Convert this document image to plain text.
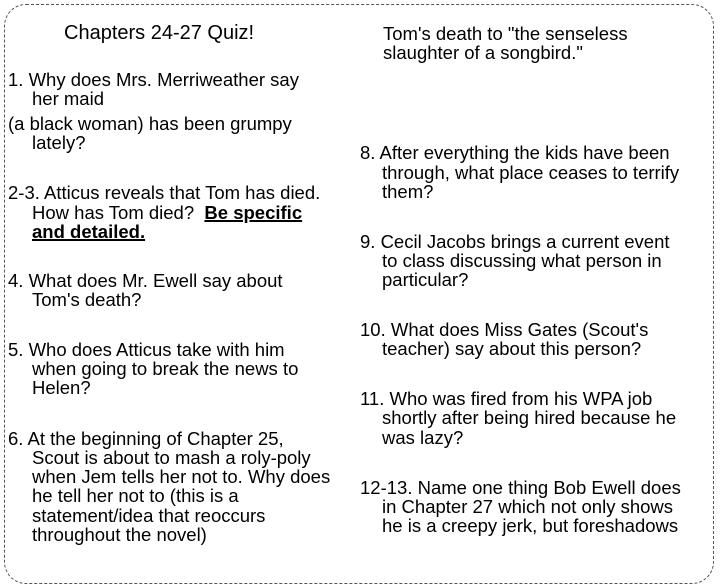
Chapters 24-27 Quiz!
1. Why does Mrs. Merriweather say
her maid
(a black woman) has been grumpy
lately?
2-3. Atticus reveals that Tom has died.
How has Tom died? Be specific
and detailed.
4. What does Mr. Ewell say about
Tom's death?
5. Who does Atticus take with him
when going to break the news to
Helen?
6. At the beginning of Chapter 25,
Scout is about to mash a roly-poly
when Jem tells her not to. Why does
he tell her not to (this is a
statement/idea that reoccurs
throughout the novel)
Tom's death to "the senseless
slaughter of a songbird."
8. After everything the kids have been
through, what place ceases to terrify
them?
9. Cecil Jacobs brings a current event
to class discussing what person in
particular?
10. What does Miss Gates (Scout's
teacher) say about this person?
11. Who was fired from his WPA job
shortly after being hired because he
was lazy?
12-13. Name one thing Bob Ewell does
in Chapter 27 which not only shows
he is a creepy jerk, but foreshadows
